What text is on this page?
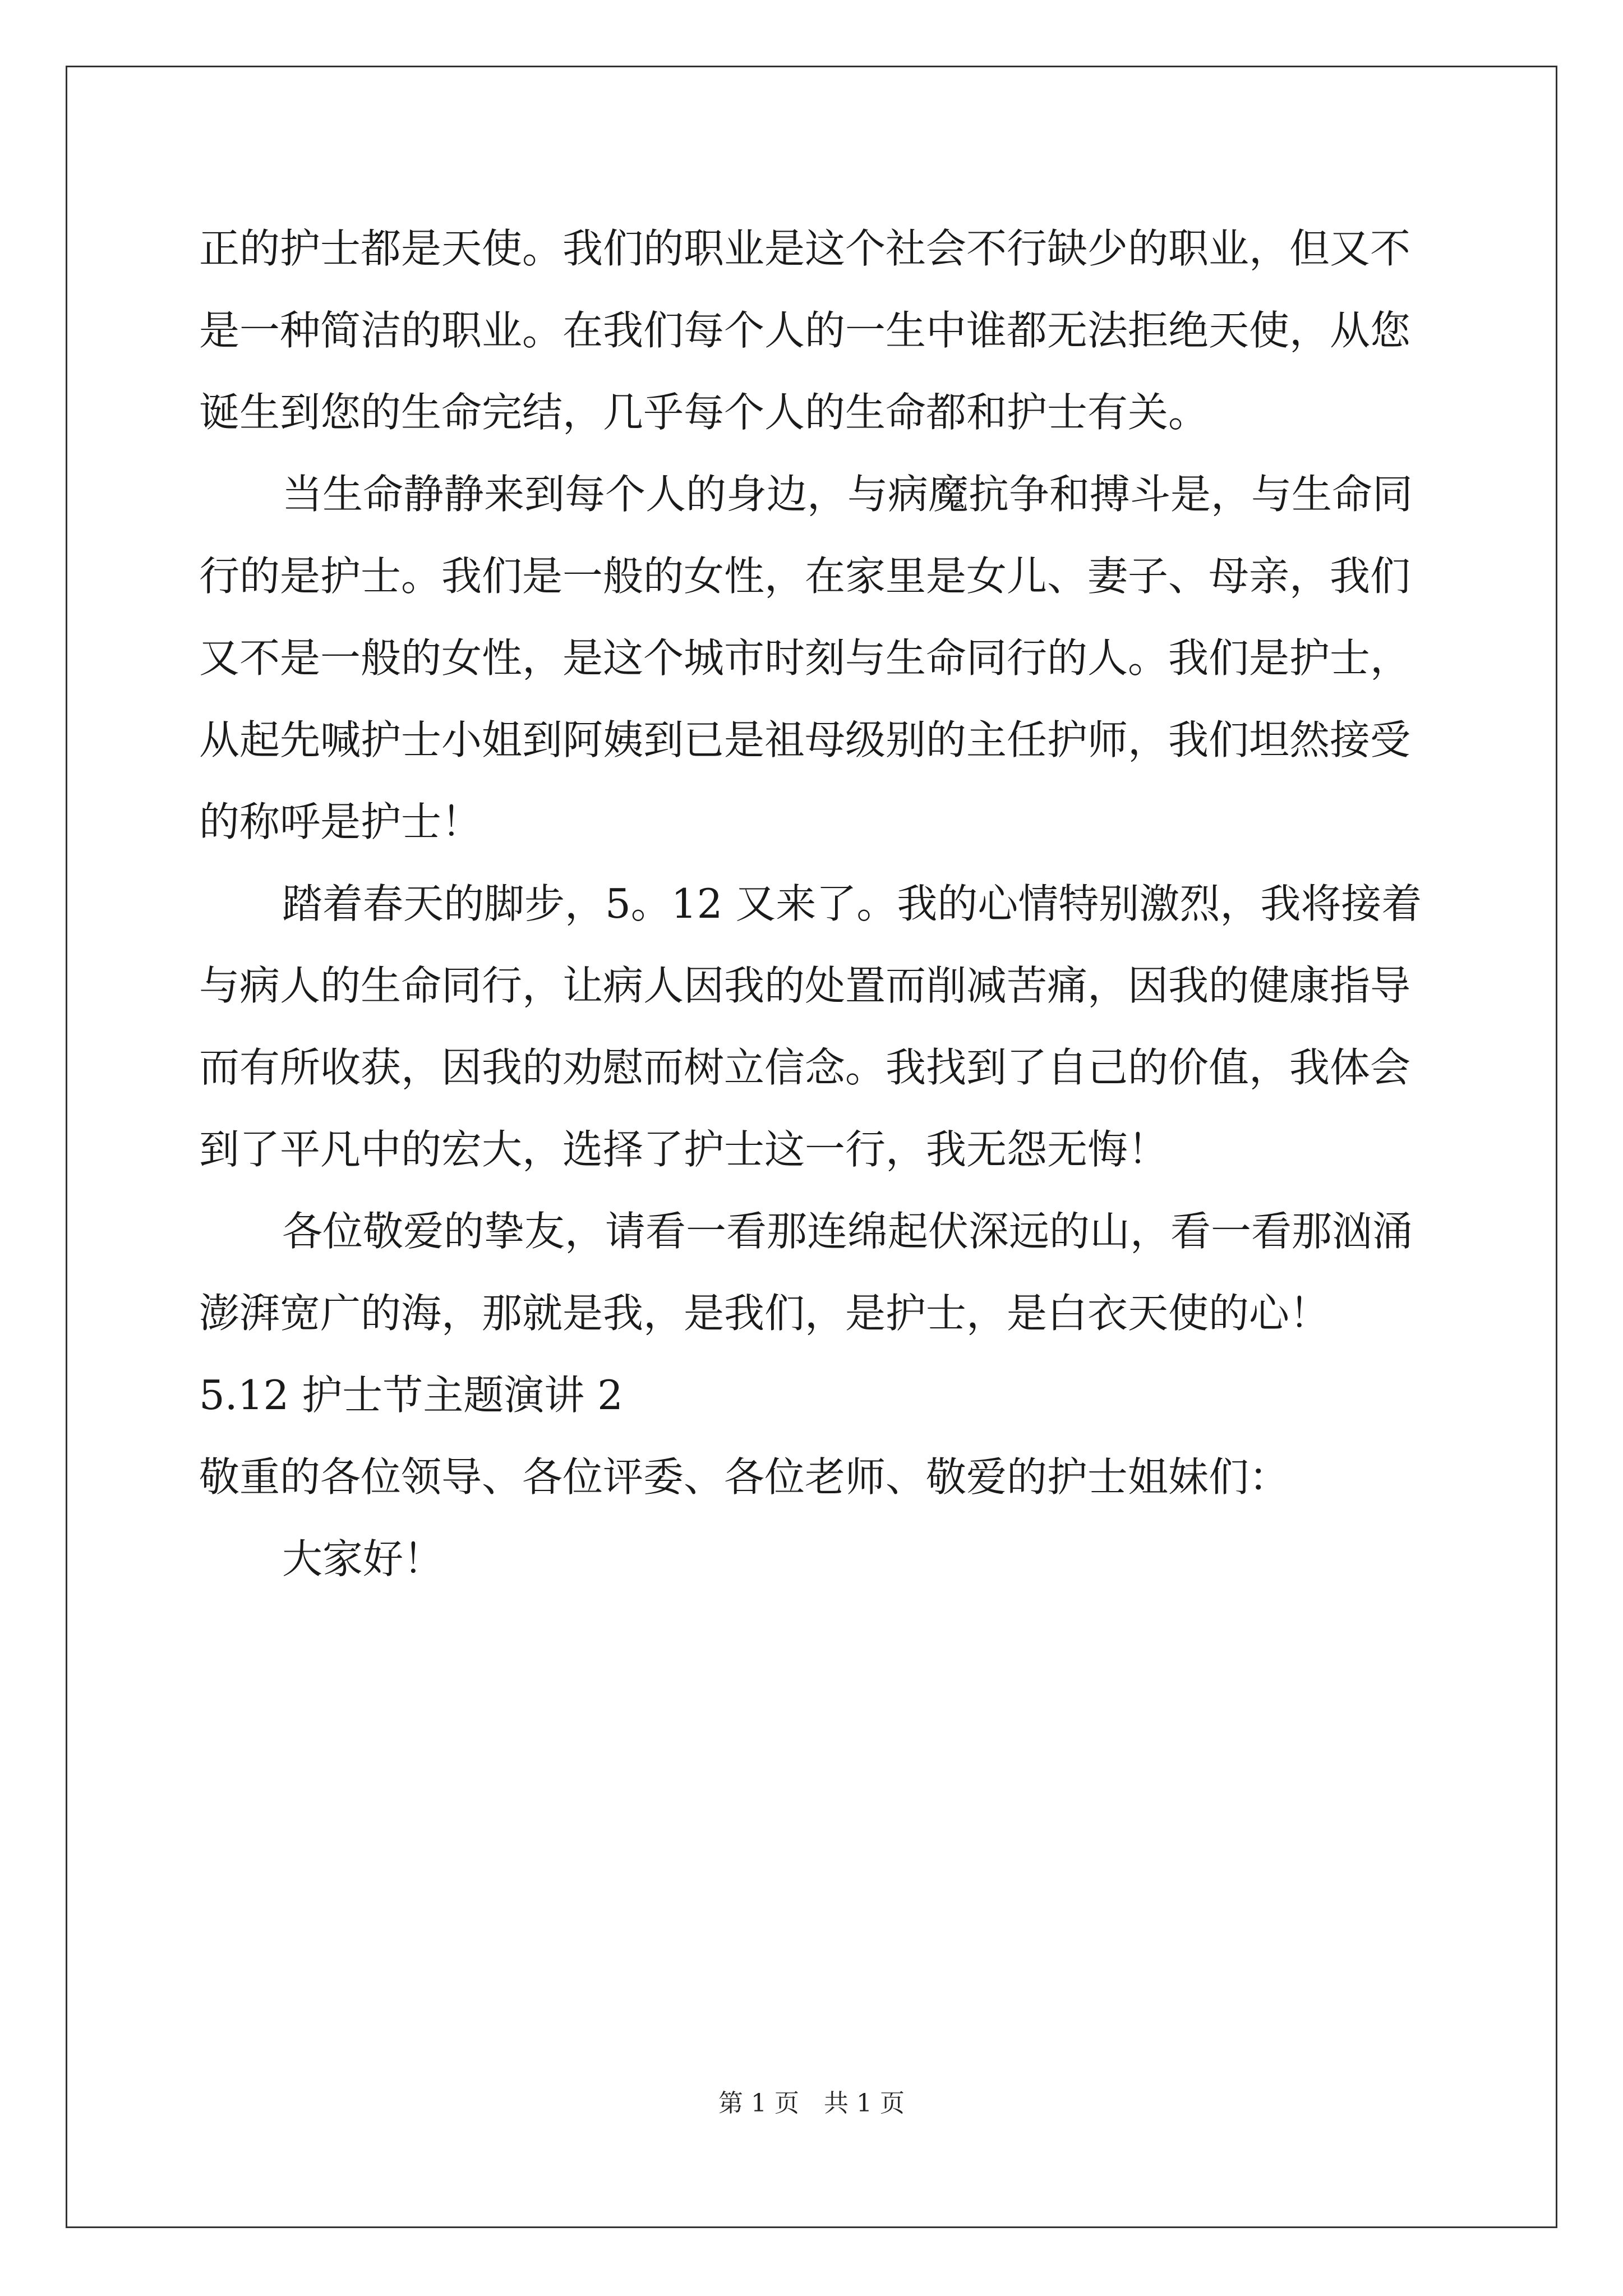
正的护士都是天使。我们的职业是这个社会不行缺少的职业，但又不

是一种简洁的职业。在我们每个人的一生中谁都无法拒绝天使，从您

诞生到您的生命完结，几乎每个人的生命都和护士有关。

当生命静静来到每个人的身边，与病魔抗争和搏斗是，与生命同

行的是护士。我们是一般的女性，在家里是女儿、妻子、母亲，我们

又不是一般的女性，是这个城市时刻与生命同行的人。我们是护士，

从起先喊护士小姐到阿姨到已是祖母级别的主任护师，我们坦然接受

的称呼是护士！

踏着春天的脚步，5。12 又来了。我的心情特别激烈，我将接着

与病人的生命同行，让病人因我的处置而削减苦痛，因我的健康指导

而有所收获，因我的劝慰而树立信念。我找到了自己的价值，我体会

到了平凡中的宏大，选择了护士这一行，我无怨无悔！

各位敬爱的挚友，请看一看那连绵起伏深远的山，看一看那汹涌

澎湃宽广的海，那就是我，是我们，是护士，是白衣天使的心！

5.12 护士节主题演讲 2

敬重的各位领导、各位评委、各位老师、敬爱的护士姐妹们：

大家好！

第 1 页　共 1 页
